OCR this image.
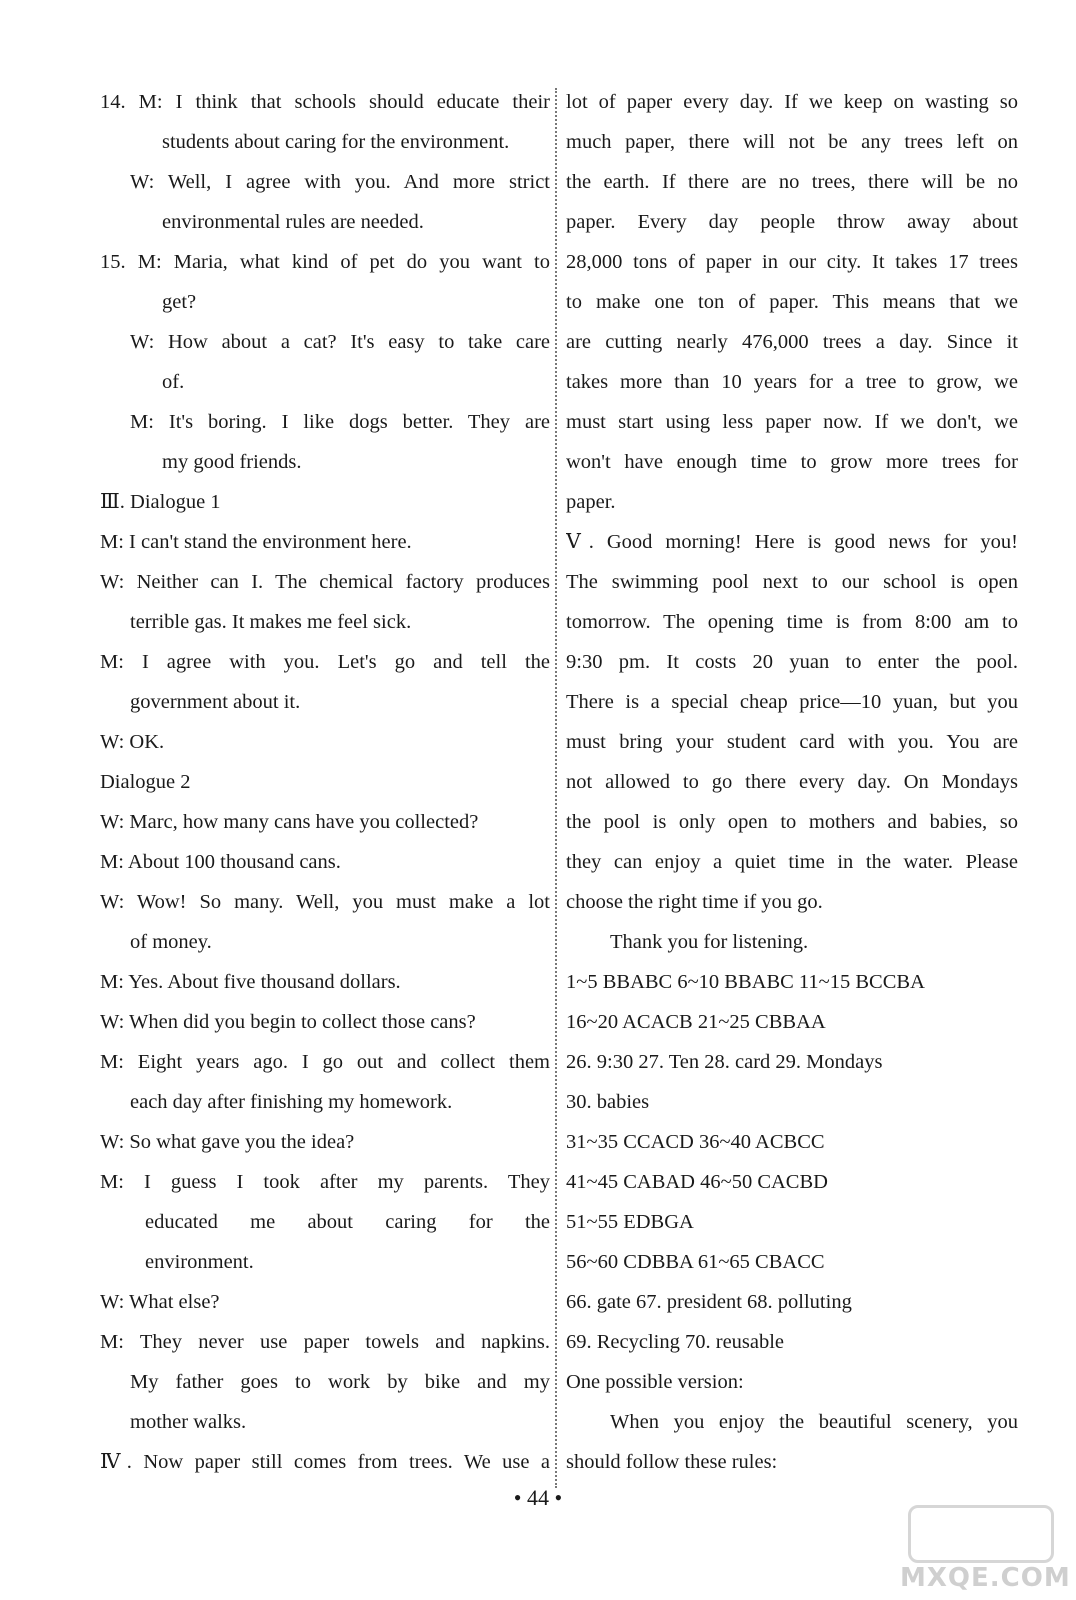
14. M: I think that schools should educate their
students about caring for the environment.
W: Well, I agree with you. And more strict
environmental rules are needed.
15. M: Maria, what kind of pet do you want to
get?
W: How about a cat? It's easy to take care
of.
M: It's boring. I like dogs better. They are
my good friends.
Ⅲ. Dialogue 1
M: I can't stand the environment here.
W: Neither can I. The chemical factory produces
terrible gas. It makes me feel sick.
M: I agree with you. Let's go and tell the
government about it.
W: OK.
Dialogue 2
W: Marc, how many cans have you collected?
M: About 100 thousand cans.
W: Wow! So many. Well, you must make a lot
of money.
M: Yes. About five thousand dollars.
W: When did you begin to collect those cans?
M: Eight years ago. I go out and collect them
each day after finishing my homework.
W: So what gave you the idea?
M: I guess I took after my parents. They
educated me about caring for the
environment.
W: What else?
M: They never use paper towels and napkins.
My father goes to work by bike and my
mother walks.
Ⅳ. Now paper still comes from trees. We use a
lot of paper every day. If we keep on wasting so
much paper, there will not be any trees left on
the earth. If there are no trees, there will be no
paper. Every day people throw away about
28,000 tons of paper in our city. It takes 17 trees
to make one ton of paper. This means that we
are cutting nearly 476,000 trees a day. Since it
takes more than 10 years for a tree to grow, we
must start using less paper now. If we don't, we
won't have enough time to grow more trees for
paper.
Ⅴ. Good morning! Here is good news for you!
The swimming pool next to our school is open
tomorrow. The opening time is from 8:00 am to
9:30 pm. It costs 20 yuan to enter the pool.
There is a special cheap price—10 yuan, but you
must bring your student card with you. You are
not allowed to go there every day. On Mondays
the pool is only open to mothers and babies, so
they can enjoy a quiet time in the water. Please
choose the right time if you go.
Thank you for listening.
1~5 BBABC 6~10 BBABC 11~15 BCCBA
16~20 ACACB 21~25 CBBAA
26. 9:30 27. Ten 28. card 29. Mondays
30. babies
31~35 CCACD 36~40 ACBCC
41~45 CABAD 46~50 CACBD
51~55 EDBGA
56~60 CDBBA 61~65 CBACC
66. gate 67. president 68. polluting
69. Recycling 70. reusable
One possible version:
When you enjoy the beautiful scenery, you
should follow these rules:
• 44 •
MXQE.COM
